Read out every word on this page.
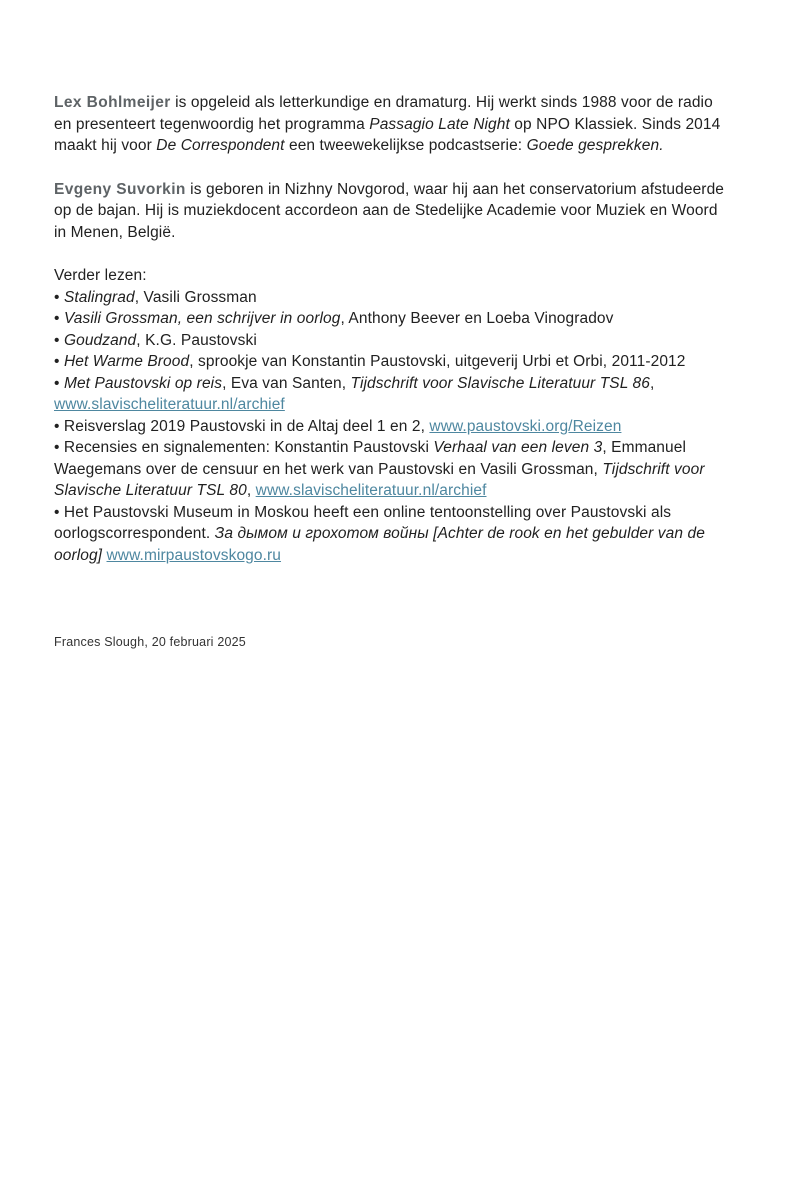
Lex Bohlmeijer is opgeleid als letterkundige en dramaturg. Hij werkt sinds 1988 voor de radio en presenteert tegenwoordig het programma Passagio Late Night op NPO Klassiek. Sinds 2014 maakt hij voor De Correspondent een tweewekelijkse podcastserie: Goede gesprekken.

Evgeny Suvorkin is geboren in Nizhny Novgorod, waar hij aan het conservatorium afstudeerde op de bajan. Hij is muziekdocent accordeon aan de Stedelijke Academie voor Muziek en Woord in Menen, België.

Verder lezen:

• Stalingrad, Vasili Grossman

• Vasili Grossman, een schrijver in oorlog, Anthony Beever en Loeba Vinogradov

• Goudzand, K.G. Paustovski

• Het Warme Brood, sprookje van Konstantin Paustovski, uitgeverij Urbi et Orbi, 2011-2012

• Met Paustovski op reis, Eva van Santen, Tijdschrift voor Slavische Literatuur TSL 86, www.slavischeliteratuur.nl/archief

• Reisverslag 2019 Paustovski in de Altaj deel 1 en 2, www.paustovski.org/Reizen

• Recensies en signalementen: Konstantin Paustovski Verhaal van een leven 3, Emmanuel Waegemans over de censuur en het werk van Paustovski en Vasili Grossman, Tijdschrift voor Slavische Literatuur TSL 80, www.slavischeliteratuur.nl/archief

• Het Paustovski Museum in Moskou heeft een online tentoonstelling over Paustovski als oorlogscorrespondent. За дымом и грохотом войны [Achter de rook en het gebulder van de oorlog] www.mirpaustovskogo.ru

Frances Slough, 20 februari 2025
